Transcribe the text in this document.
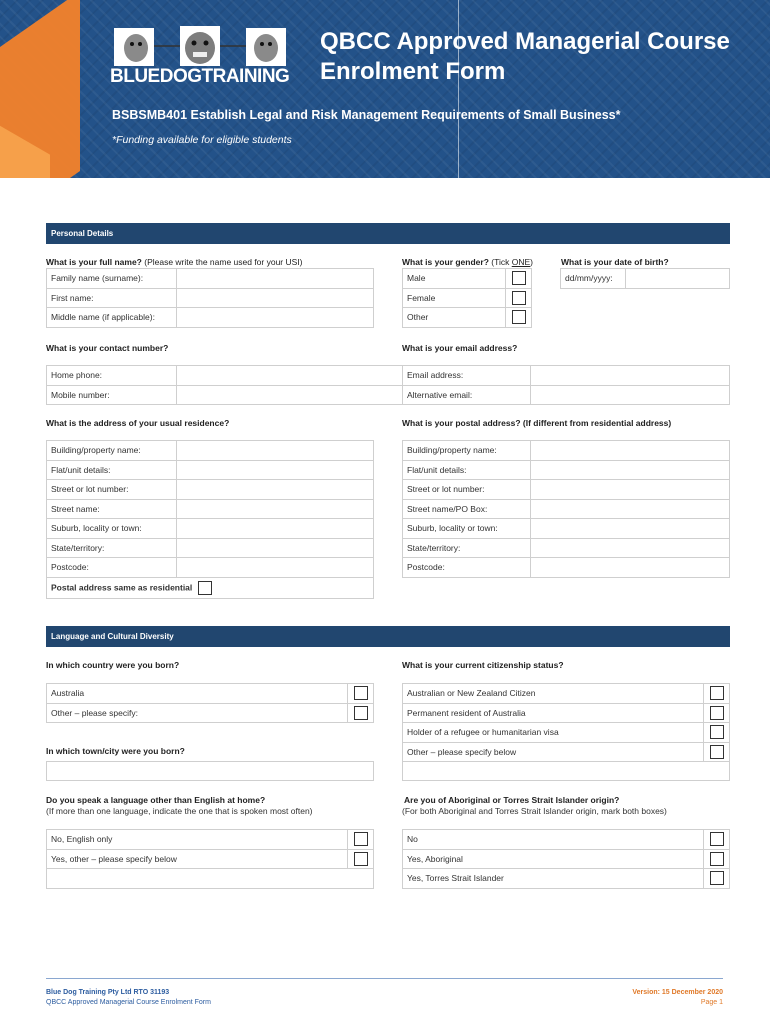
BLUEDOGTRAINING
QBCC Approved Managerial Course
Enrolment Form
BSBSMB401 Establish Legal and Risk Management Requirements of Small Business*
*Funding available for eligible students
Personal Details
What is your full name? (Please write the name used for your USI)
Family name (surname):	
First name:	
Middle name (if applicable):	
What is your gender? (Tick ONE)
Male	
Female	
Other	
What is your date of birth?
dd/mm/yyyy:	
What is your contact number?
Home phone:		Email address:	
Mobile number:		Alternative email:	
What is your email address?
What is the address of your usual residence?
Building/property name:	
Flat/unit details:	
Street or lot number:	
Street name:	
Suburb, locality or town:	
State/territory:	
Postcode:	
Postal address same as residential	
What is your postal address? (If different from residential address)
Building/property name:	
Flat/unit details:	
Street or lot number:	
Street name/PO Box:	
Suburb, locality or town:	
State/territory:	
Postcode:	
Language and Cultural Diversity
In which country were you born?
Australia	
Other – please specify:	
What is your current citizenship status?
Australian or New Zealand Citizen	
Permanent resident of Australia	
Holder of a refugee or humanitarian visa	
Other – please specify below	
In which town/city were you born?
Do you speak a language other than English at home?
(If more than one language, indicate the one that is spoken most often)
No, English only	
Yes, other – please specify below	

Are you of Aboriginal or Torres Strait Islander origin?
(For both Aboriginal and Torres Strait Islander origin, mark both boxes)
No	
Yes, Aboriginal	
Yes, Torres Strait Islander	
Blue Dog Training Pty Ltd RTO 31193
QBCC Approved Managerial Course Enrolment Form
Version: 15 December 2020
Page 1
